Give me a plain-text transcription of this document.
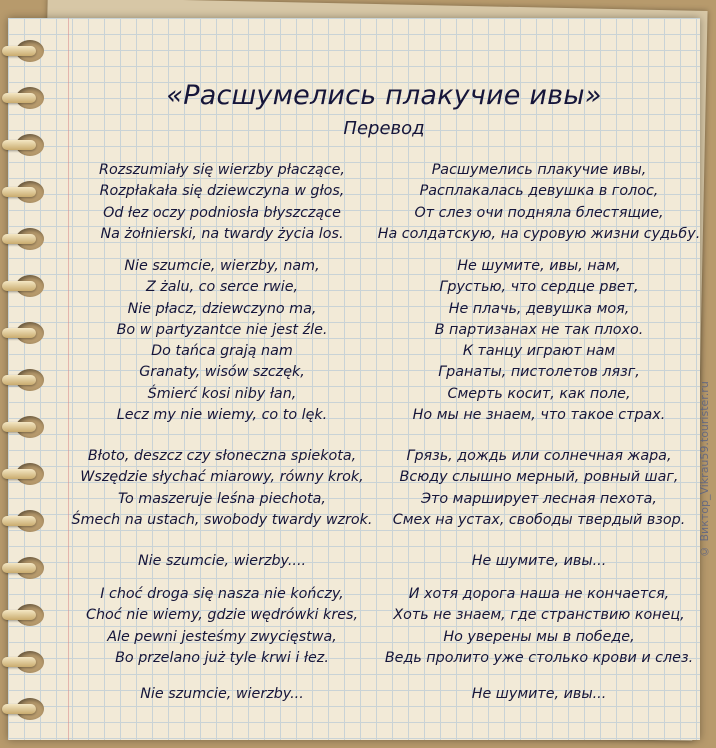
«Расшумелись плакучие ивы»
Перевод
Rozszumiały się wierzby płaczące,
Rozpłakała się dziewczyna w głos,
Od łez oczy podniosła błyszczące
Na żołnierski, na twardy życia los.
Nie szumcie, wierzby, nam,
Z żalu, co serce rwie,
Nie płacz, dziewczyno ma,
Bo w partyzantce nie jest źle.
Do tańca grają nam
Granaty, wisów szczęk,
Śmierć kosi niby łan,
Lecz my nie wiemy, co to lęk.
Błoto, deszcz czy słoneczna spiekota,
Wszędzie słychać miarowy, równy krok,
To maszeruje leśna piechota,
Śmech na ustach, swobody twardy wzrok.
Nie szumcie, wierzby....
I choć droga się nasza nie kończy,
Choć nie wiemy, gdzie wędrówki kres,
Ale pewni jesteśmy zwycięstwa,
Bo przelano już tyle krwi i łez.
Nie szumcie, wierzby...
Расшумелись плакучие ивы,
Расплакалась девушка в голос,
От слез очи подняла блестящие,
На солдатскую, на суровую жизни судьбу.
Не шумите, ивы, нам,
Грустью, что сердце рвет,
Не плачь, девушка моя,
В партизанах не так плохо.
К танцу играют нам
Гранаты, пистолетов лязг,
Смерть косит, как поле,
Но мы не знаем, что такое страх.
Грязь, дождь или солнечная жара,
Всюду слышно мерный, ровный шаг,
Это марширует лесная пехота,
Смех на устах, свободы твердый взор.
Не шумите, ивы...
И хотя дорога наша не кончается,
Хоть не знаем, где странствию конец,
Но уверены мы в победе,
Ведь пролито уже столько крови и слез.
Не шумите, ивы...
© Виктор_Vikrau59.tourister.ru
